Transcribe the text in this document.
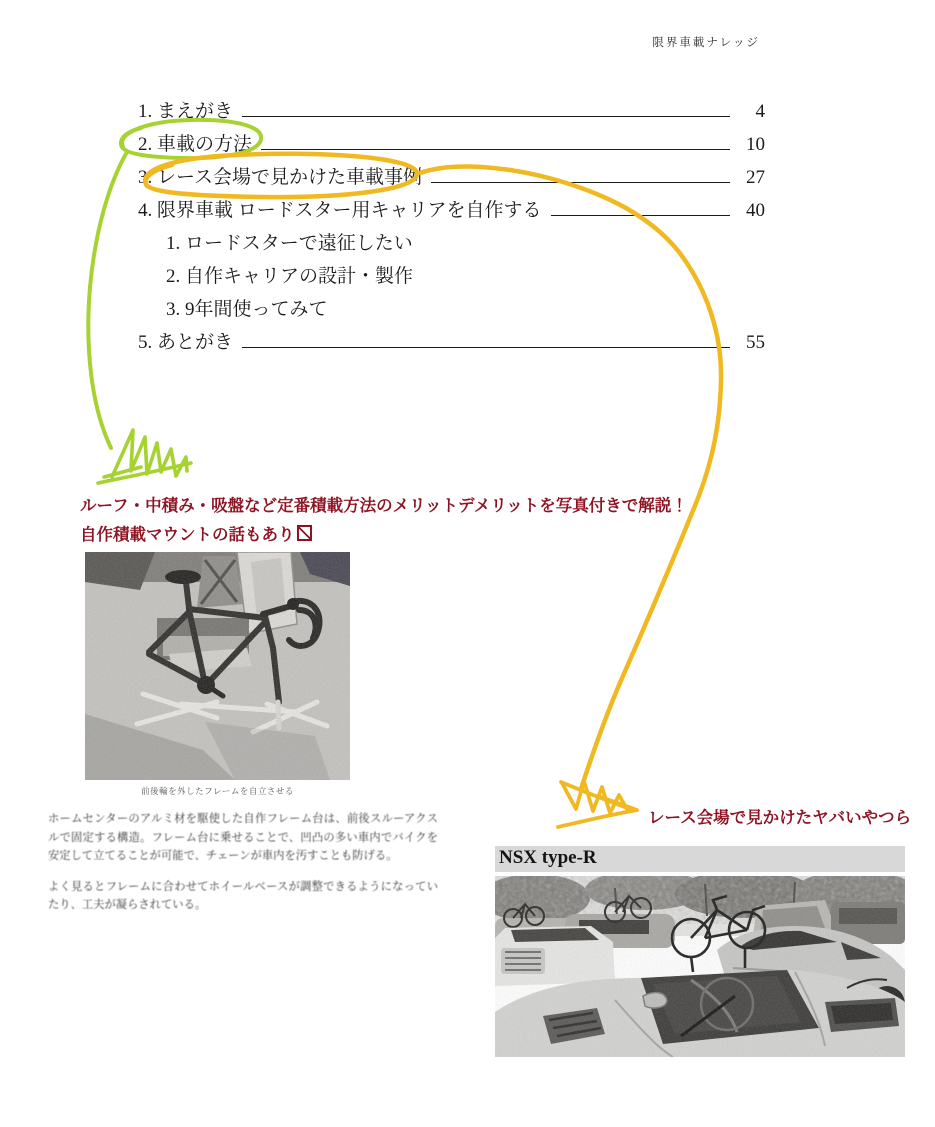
限界車載ナレッジ
1. まえがき	4
2. 車載の方法	10
3. レース会場で見かけた車載事例	27
4. 限界車載 ロードスター用キャリアを自作する	40
1. ロードスターで遠征したい
2. 自作キャリアの設計・製作
3. 9年間使ってみて
5. あとがき	55
ルーフ・中積み・吸盤など定番積載方法のメリットデメリットを写真付きで解説！
自作積載マウントの話もあり
レース会場で見かけたヤバいやつら
前後輪を外したフレームを自立させる

ホームセンターのアルミ材を駆使した自作フレーム台は、前後スルーアクスルで固定する構造。フレーム台に乗せることで、凹凸の多い車内でバイクを安定して立てることが可能で、チェーンが車内を汚すことも防げる。

よく見るとフレームに合わせてホイールベースが調整できるようになっていたり、工夫が凝らされている。

NSX type-R
